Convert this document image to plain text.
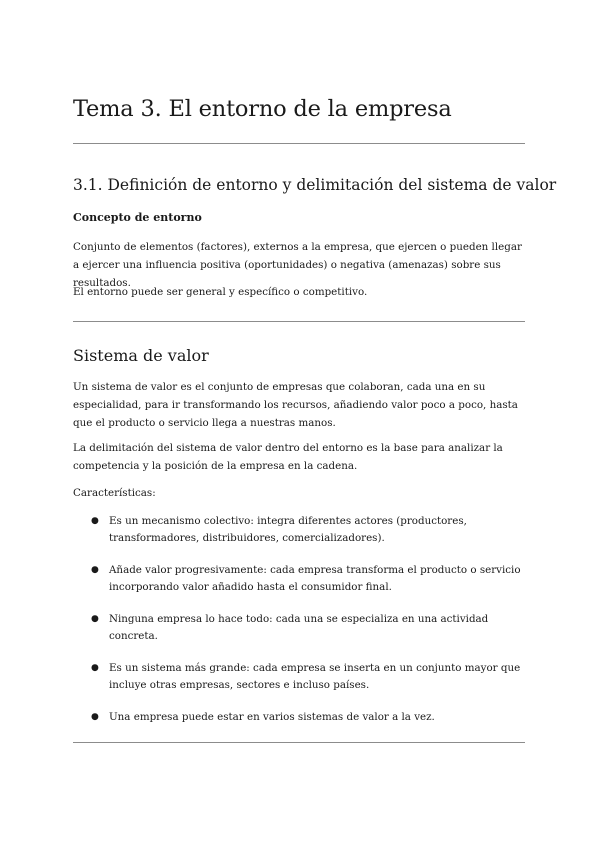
Tema 3. El entorno de la empresa
3.1. Definición de entorno y delimitación del sistema de valor
Concepto de entorno

Conjunto de elementos (factores), externos a la empresa, que ejercen o pueden llegar a ejercer una influencia positiva (oportunidades) o negativa (amenazas) sobre sus resultados.

El entorno puede ser general y específico o competitivo.

Sistema de valor

Un sistema de valor es el conjunto de empresas que colaboran, cada una en su especialidad, para ir transformando los recursos, añadiendo valor poco a poco, hasta que el producto o servicio llega a nuestras manos.

La delimitación del sistema de valor dentro del entorno es la base para analizar la competencia y la posición de la empresa en la cadena.

Características:

● Es un mecanismo colectivo: integra diferentes actores (productores, transformadores, distribuidores, comercializadores).
● Añade valor progresivamente: cada empresa transforma el producto o servicio incorporando valor añadido hasta el consumidor final.
● Ninguna empresa lo hace todo: cada una se especializa en una actividad concreta.
● Es un sistema más grande: cada empresa se inserta en un conjunto mayor que incluye otras empresas, sectores e incluso países.
● Una empresa puede estar en varios sistemas de valor a la vez.
